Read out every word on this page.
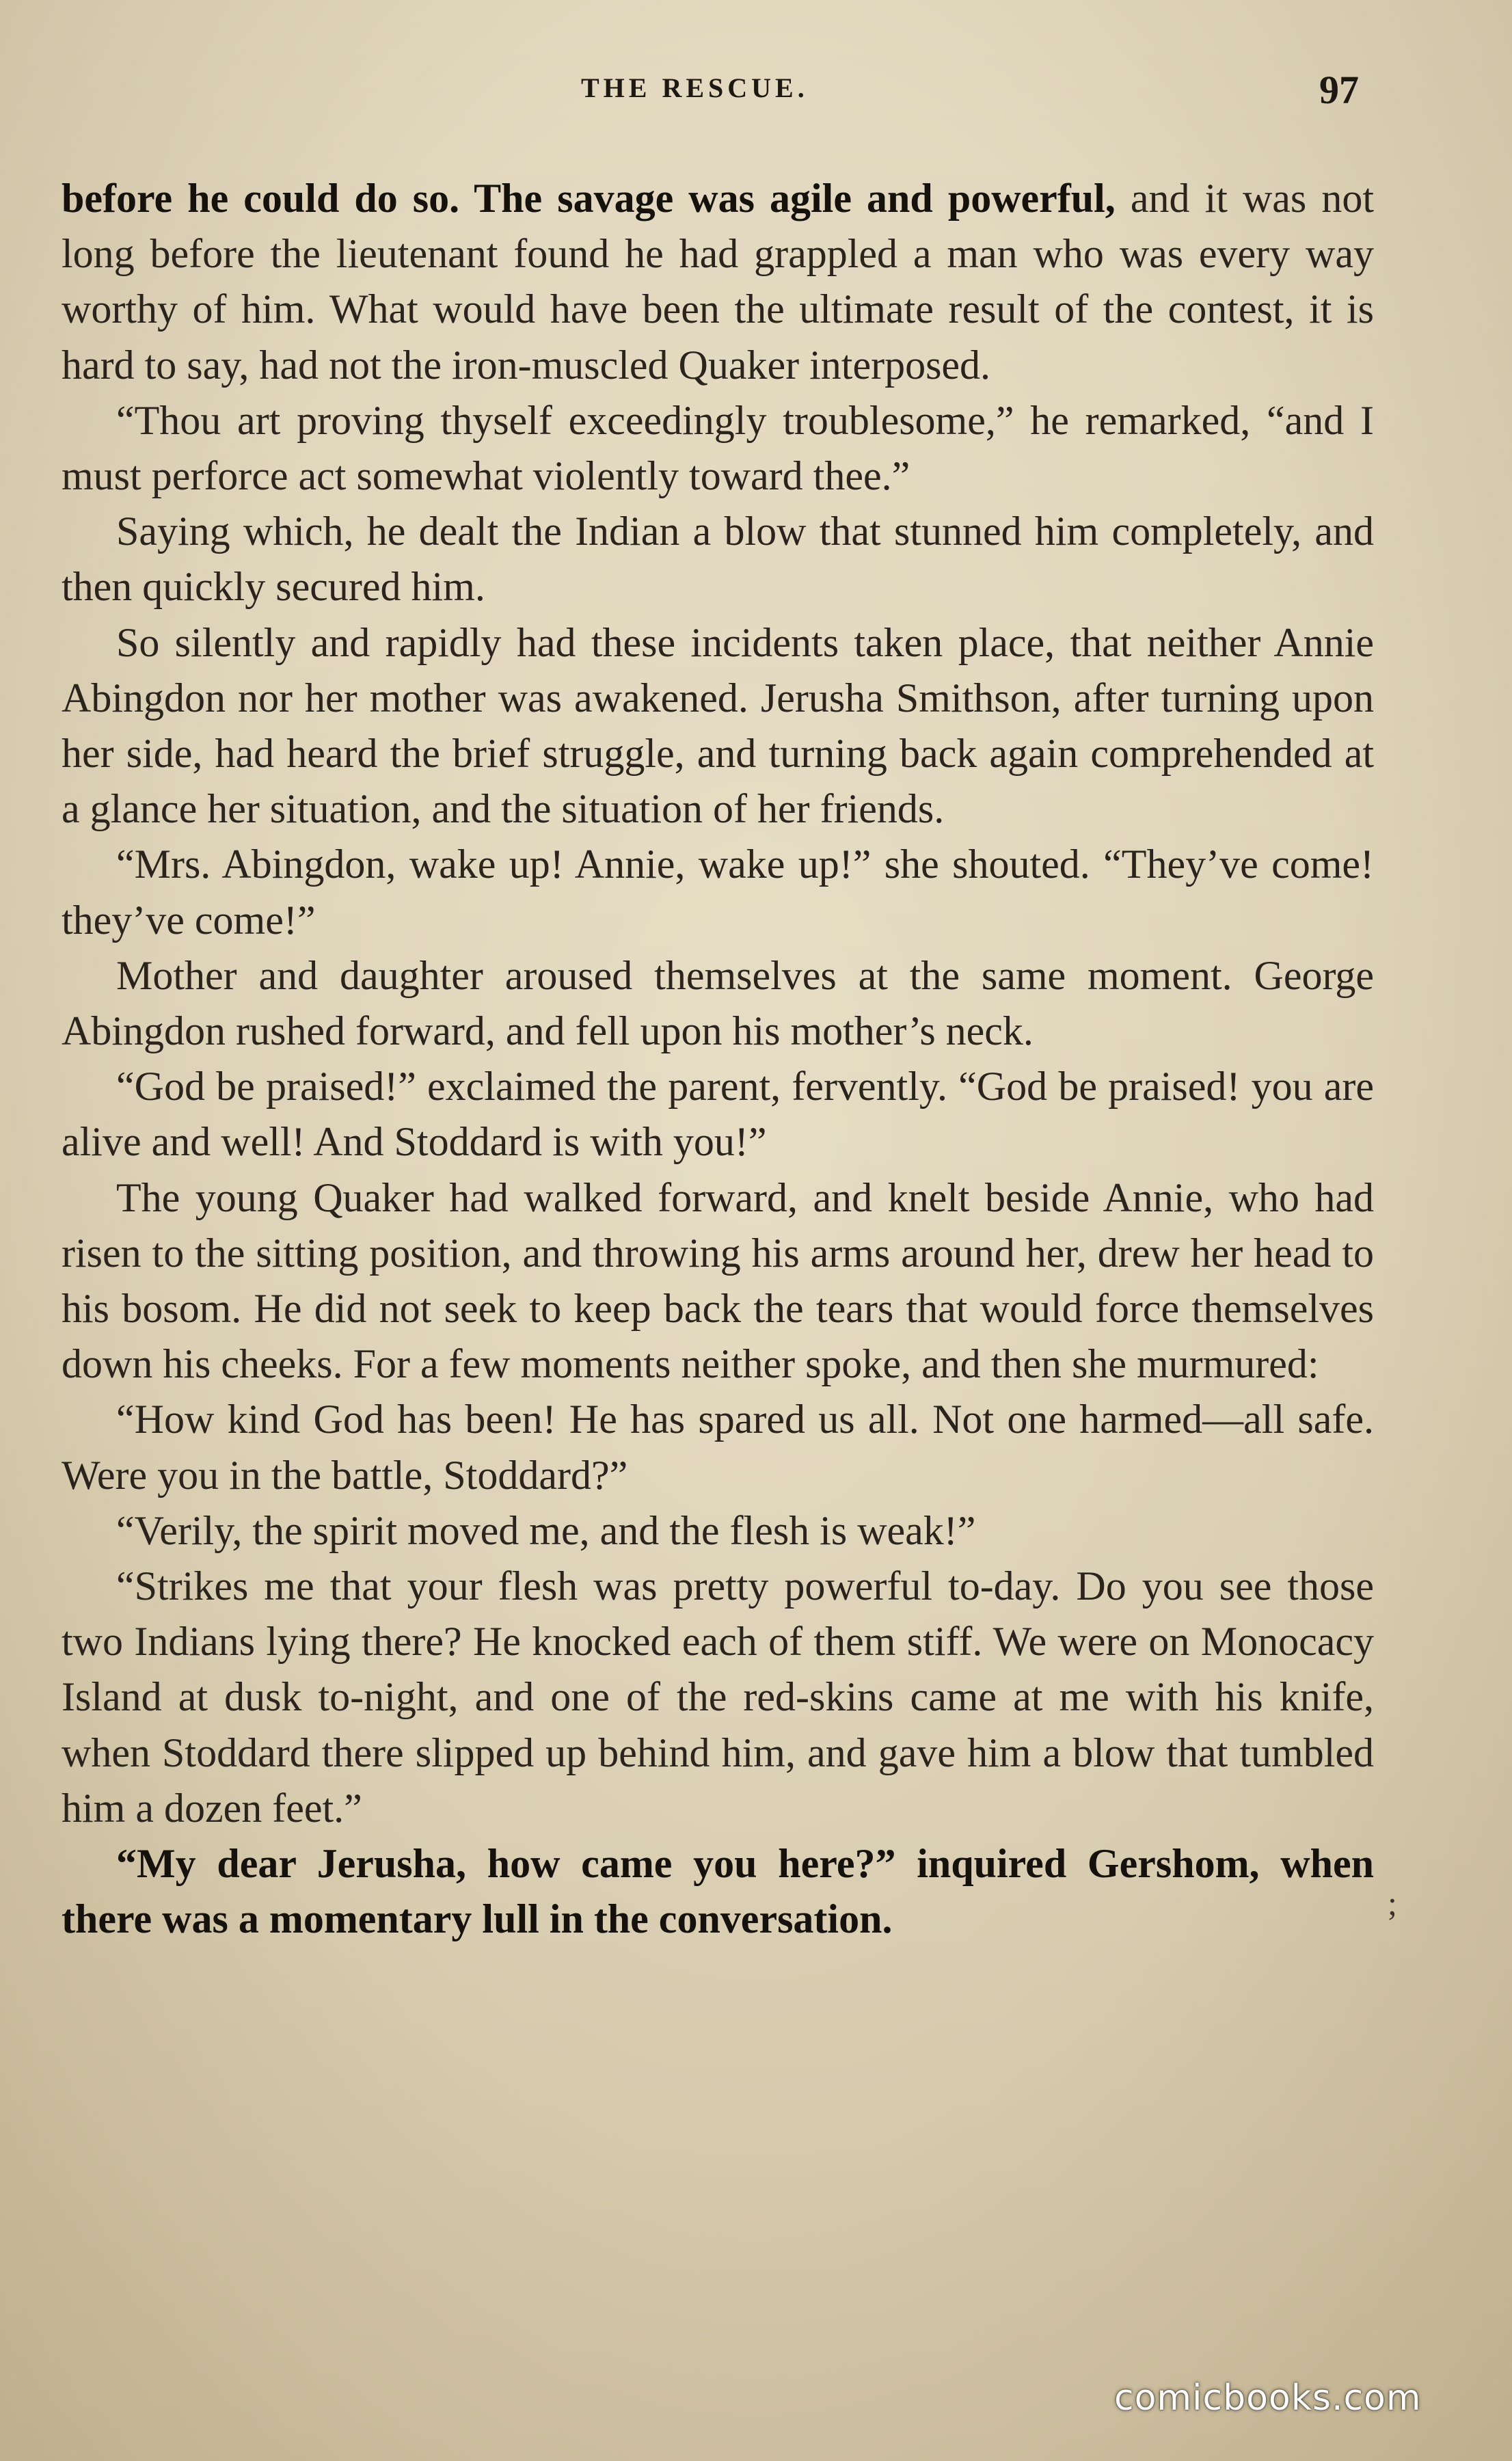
THE RESCUE.	97

before he could do so. The savage was agile and powerful, and it was not long before the lieutenant found he had grappled a man who was every way worthy of him. What would have been the ultimate result of the contest, it is hard to say, had not the iron-muscled Quaker interposed.

“Thou art proving thyself exceedingly troublesome,” he remarked, “and I must perforce act somewhat violently toward thee.”

Saying which, he dealt the Indian a blow that stunned him completely, and then quickly secured him.

So silently and rapidly had these incidents taken place, that neither Annie Abingdon nor her mother was awakened. Jerusha Smithson, after turning upon her side, had heard the brief struggle, and turning back again comprehended at a glance her situation, and the situation of her friends.

“Mrs. Abingdon, wake up! Annie, wake up!” she shouted. “They’ve come! they’ve come!”

Mother and daughter aroused themselves at the same moment. George Abingdon rushed forward, and fell upon his mother’s neck.

“God be praised!” exclaimed the parent, fervently. “God be praised! you are alive and well! And Stoddard is with you!”

The young Quaker had walked forward, and knelt beside Annie, who had risen to the sitting position, and throwing his arms around her, drew her head to his bosom. He did not seek to keep back the tears that would force themselves down his cheeks. For a few moments neither spoke, and then she murmured:

“How kind God has been! He has spared us all. Not one harmed—all safe. Were you in the battle, Stoddard?”

“Verily, the spirit moved me, and the flesh is weak!”

“Strikes me that your flesh was pretty powerful to-day. Do you see those two Indians lying there? He knocked each of them stiff. We were on Monocacy Island at dusk to-night, and one of the red-skins came at me with his knife, when Stoddard there slipped up behind him, and gave him a blow that tumbled him a dozen feet.”

“My dear Jerusha, how came you here?” inquired Gershom, when there was a momentary lull in the conversation.	;
comicbooks.com
